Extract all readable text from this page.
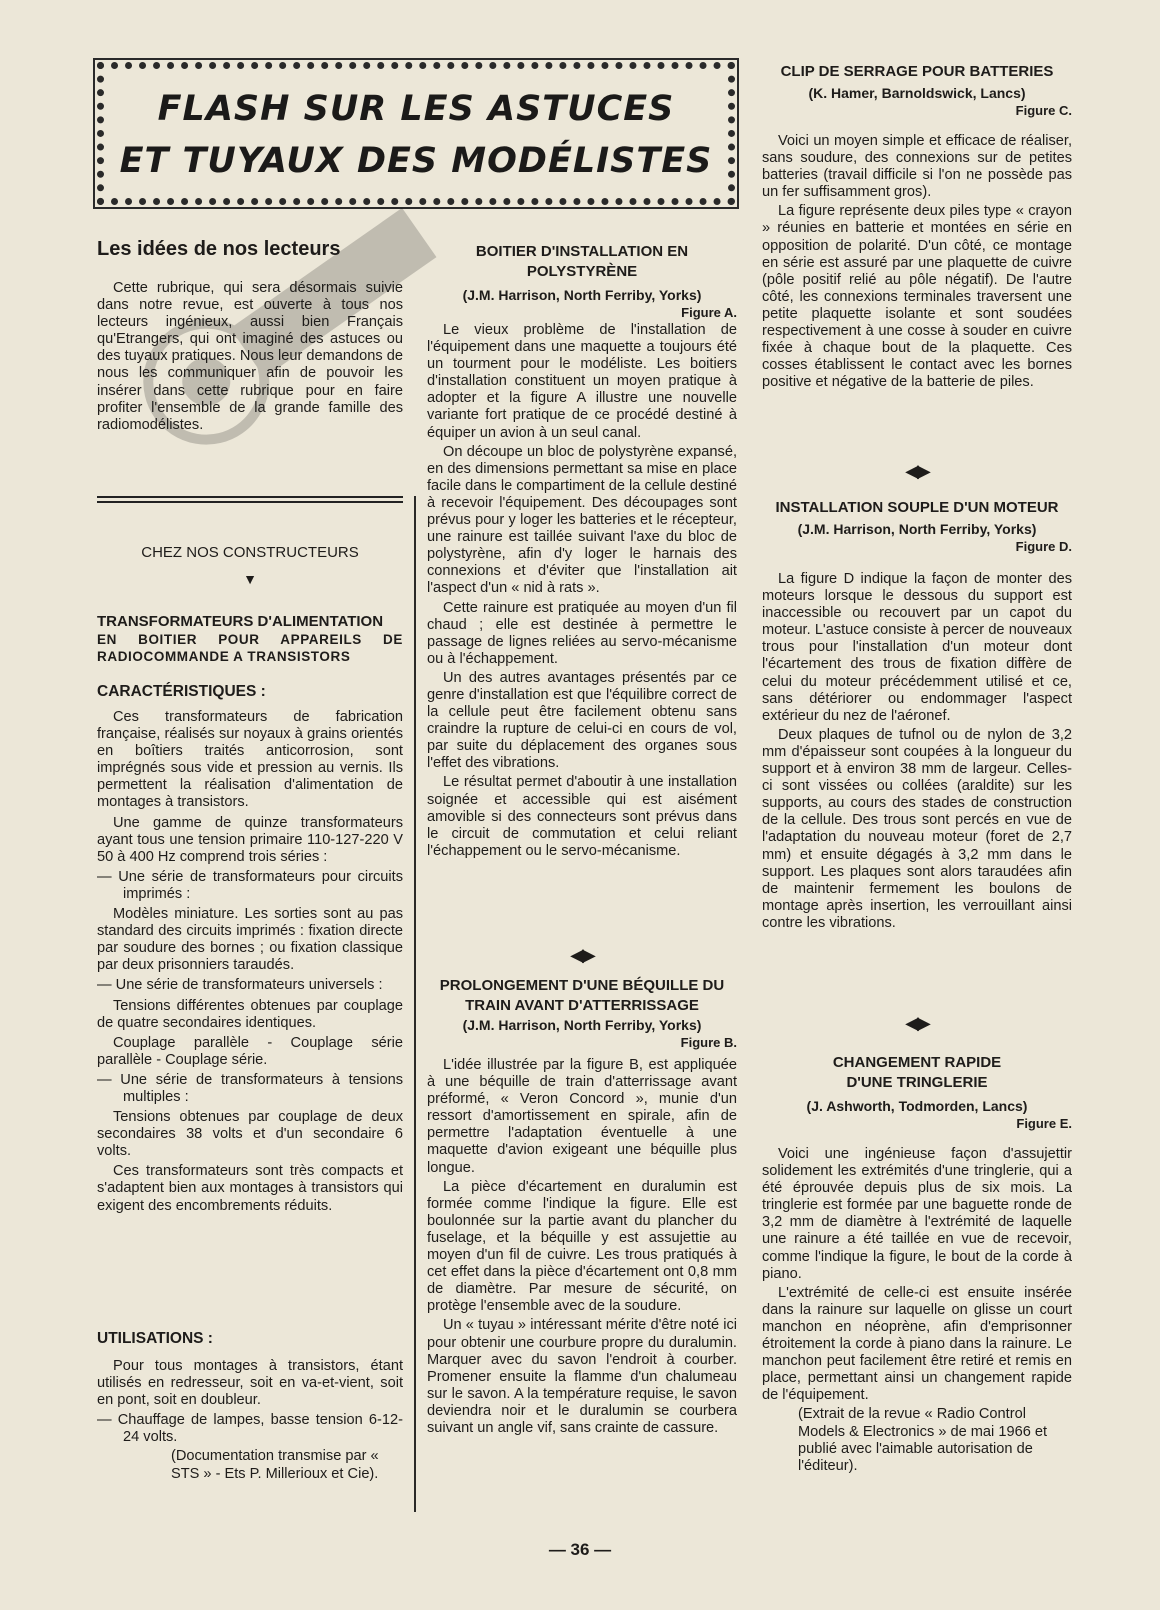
FLASH SUR LES ASTUCES
ET TUYAUX DES MODÉLISTES
Les idées de nos lecteurs

Cette rubrique, qui sera désormais suivie dans notre revue, est ouverte à tous nos lecteurs ingénieux, aussi bien Français qu'Etrangers, qui ont imaginé des astuces ou des tuyaux pratiques. Nous leur demandons de nous les communiquer afin de pouvoir les insérer dans cette rubrique pour en faire profiter l'ensemble de la grande famille des radiomodélistes.

CHEZ NOS CONSTRUCTEURS
▼
TRANSFORMATEURS D'ALIMENTATION
EN BOITIER POUR APPAREILS DE RADIOCOMMANDE A TRANSISTORS
CARACTÉRISTIQUES :

Ces transformateurs de fabrication française, réalisés sur noyaux à grains orientés en boîtiers traités anticorrosion, sont imprégnés sous vide et pression au vernis. Ils permettent la réalisation d'alimentation de montages à transistors.

Une gamme de quinze transformateurs ayant tous une tension primaire 110-127-220 V 50 à 400 Hz comprend trois séries :

— Une série de transformateurs pour circuits imprimés :

Modèles miniature. Les sorties sont au pas standard des circuits imprimés : fixation directe par soudure des bornes ; ou fixation classique par deux prisonniers taraudés.

— Une série de transformateurs universels :

Tensions différentes obtenues par couplage de quatre secondaires identiques.

Couplage parallèle - Couplage série parallèle - Couplage série.

— Une série de transformateurs à tensions multiples :

Tensions obtenues par couplage de deux secondaires 38 volts et d'un secondaire 6 volts.

Ces transformateurs sont très compacts et s'adaptent bien aux montages à transistors qui exigent des encombrements réduits.

UTILISATIONS :

Pour tous montages à transistors, étant utilisés en redresseur, soit en va-et-vient, soit en pont, soit en doubleur.

— Chauffage de lampes, basse tension 6-12-24 volts.

(Documentation transmise par « STS » - Ets P. Millerioux et Cie).

BOITIER D'INSTALLATION EN POLYSTYRÈNE
(J.M. Harrison, North Ferriby, Yorks)
Figure A.

Le vieux problème de l'installation de l'équipement dans une maquette a toujours été un tourment pour le modéliste. Les boitiers d'installation constituent un moyen pratique à adopter et la figure A illustre une nouvelle variante fort pratique de ce procédé destiné à équiper un avion à un seul canal.

On découpe un bloc de polystyrène expansé, en des dimensions permettant sa mise en place facile dans le compartiment de la cellule destiné à recevoir l'équipement. Des découpages sont prévus pour y loger les batteries et le récepteur, une rainure est taillée suivant l'axe du bloc de polystyrène, afin d'y loger le harnais des connexions et d'éviter que l'installation ait l'aspect d'un « nid à rats ».

Cette rainure est pratiquée au moyen d'un fil chaud ; elle est destinée à permettre le passage de lignes reliées au servo-mécanisme ou à l'échappement.

Un des autres avantages présentés par ce genre d'installation est que l'équilibre correct de la cellule peut être facilement obtenu sans craindre la rupture de celui-ci en cours de vol, par suite du déplacement des organes sous l'effet des vibrations.

Le résultat permet d'aboutir à une installation soignée et accessible qui est aisément amovible si des connecteurs sont prévus dans le circuit de commutation et celui reliant l'échappement ou le servo-mécanisme.

◀▶
PROLONGEMENT D'UNE BÉQUILLE DU TRAIN AVANT D'ATTERRISSAGE
(J.M. Harrison, North Ferriby, Yorks)
Figure B.

L'idée illustrée par la figure B, est appliquée à une béquille de train d'atterrissage avant préformé, « Veron Concord », munie d'un ressort d'amortissement en spirale, afin de permettre l'adaptation éventuelle à une maquette d'avion exigeant une béquille plus longue.

La pièce d'écartement en duralumin est formée comme l'indique la figure. Elle est boulonnée sur la partie avant du plancher du fuselage, et la béquille y est assujettie au moyen d'un fil de cuivre. Les trous pratiqués à cet effet dans la pièce d'écartement ont 0,8 mm de diamètre. Par mesure de sécurité, on protège l'ensemble avec de la soudure.

Un « tuyau » intéressant mérite d'être noté ici pour obtenir une courbure propre du duralumin. Marquer avec du savon l'endroit à courber. Promener ensuite la flamme d'un chalumeau sur le savon. A la température requise, le savon deviendra noir et le duralumin se courbera suivant un angle vif, sans crainte de cassure.

CLIP DE SERRAGE POUR BATTERIES
(K. Hamer, Barnoldswick, Lancs)
Figure C.

Voici un moyen simple et efficace de réaliser, sans soudure, des connexions sur de petites batteries (travail difficile si l'on ne possède pas un fer suffisamment gros).

La figure représente deux piles type « crayon » réunies en batterie et montées en série en opposition de polarité. D'un côté, ce montage en série est assuré par une plaquette de cuivre (pôle positif relié au pôle négatif). De l'autre côté, les connexions terminales traversent une petite plaquette isolante et sont soudées respectivement à une cosse à souder en cuivre fixée à chaque bout de la plaquette. Ces cosses établissent le contact avec les bornes positive et négative de la batterie de piles.

◀▶
INSTALLATION SOUPLE D'UN MOTEUR
(J.M. Harrison, North Ferriby, Yorks)
Figure D.

La figure D indique la façon de monter des moteurs lorsque le dessous du support est inaccessible ou recouvert par un capot du moteur. L'astuce consiste à percer de nouveaux trous pour l'installation d'un moteur dont l'écartement des trous de fixation diffère de celui du moteur précédemment utilisé et ce, sans détériorer ou endommager l'aspect extérieur du nez de l'aéronef.

Deux plaques de tufnol ou de nylon de 3,2 mm d'épaisseur sont coupées à la longueur du support et à environ 38 mm de largeur. Celles-ci sont vissées ou collées (araldite) sur les supports, au cours des stades de construction de la cellule. Des trous sont percés en vue de l'adaptation du nouveau moteur (foret de 2,7 mm) et ensuite dégagés à 3,2 mm dans le support. Les plaques sont alors taraudées afin de maintenir fermement les boulons de montage après insertion, les verrouillant ainsi contre les vibrations.

◀▶
CHANGEMENT RAPIDE D'UNE TRINGLERIE
(J. Ashworth, Todmorden, Lancs)
Figure E.

Voici une ingénieuse façon d'assujettir solidement les extrémités d'une tringlerie, qui a été éprouvée depuis plus de six mois. La tringlerie est formée par une baguette ronde de 3,2 mm de diamètre à l'extrémité de laquelle une rainure a été taillée en vue de recevoir, comme l'indique la figure, le bout de la corde à piano.

L'extrémité de celle-ci est ensuite insérée dans la rainure sur laquelle on glisse un court manchon en néoprène, afin d'emprisonner étroitement la corde à piano dans la rainure. Le manchon peut facilement être retiré et remis en place, permettant ainsi un changement rapide de l'équipement.

(Extrait de la revue « Radio Control Models & Electronics » de mai 1966 et publié avec l'aimable autorisation de l'éditeur).

— 36 —
